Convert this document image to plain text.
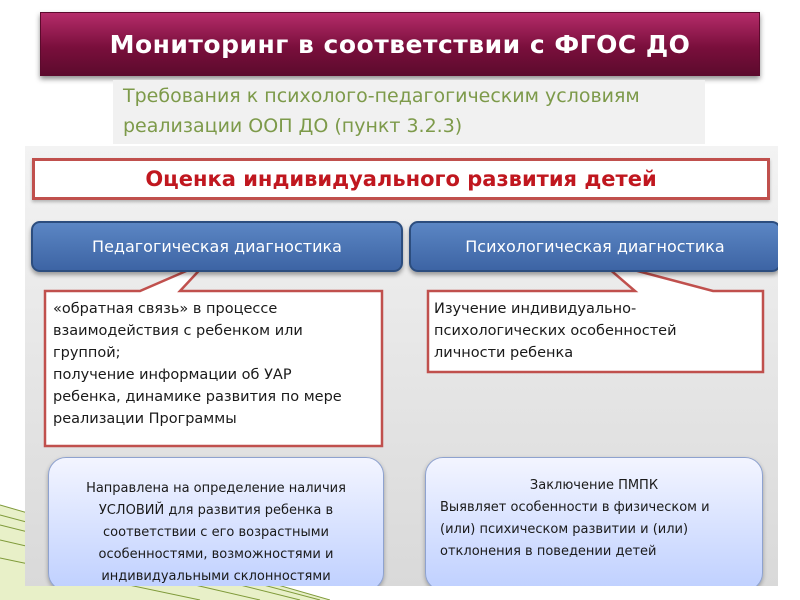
Мониторинг в соответствии с ФГОС ДО
Требования к психолого-педагогическим условиям
реализации ООП ДО (пункт 3.2.3)
Оценка индивидуального развития детей
Педагогическая диагностика	Психологическая диагностика
«обратная связь» в процессе
взаимодействия с ребенком или
группой;
получение информации об УАР
ребенка, динамике развития по мере
реализации Программы
Изучение индивидуально-
психологических особенностей
личности ребенка
Направлена на определение наличия
УСЛОВИЙ для развития ребенка в
соответствии с его возрастными
особенностями, возможностями и
индивидуальными склонностями
Заключение ПМПК
Выявляет особенности в физическом и
(или) психическом развитии и (или)
отклонения в поведении детей
